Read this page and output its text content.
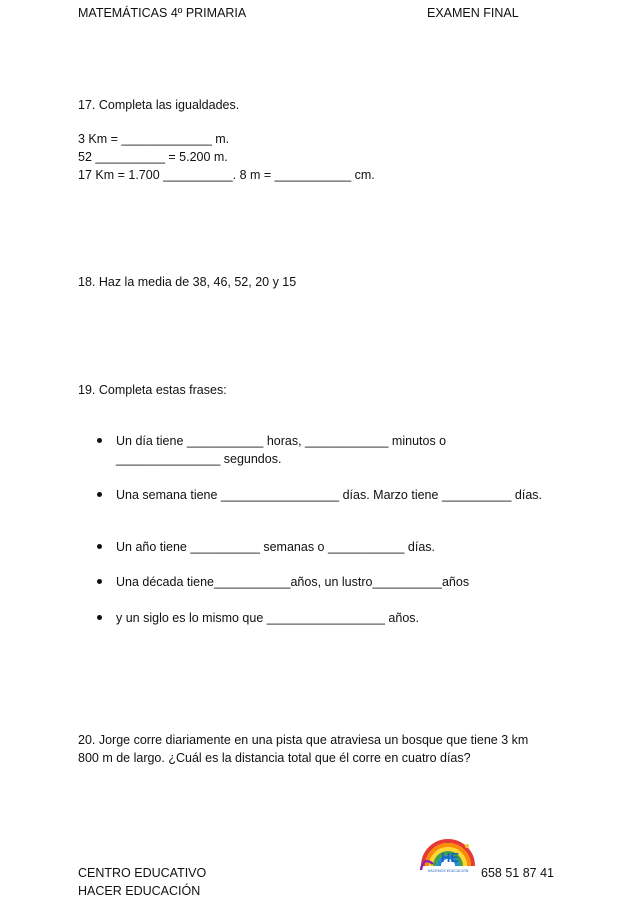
MATEMÁTICAS 4º PRIMARIA	EXAMEN FINAL
17. Completa las igualdades.
3 Km = _____________ m.
52 __________ = 5.200 m.
17 Km = 1.700 __________. 8 m = ___________ cm.
18. Haz la media de 38, 46, 52, 20 y 15
19. Completa estas frases:
Un día tiene ___________ horas, ____________ minutos o
_______________ segundos.
Una semana tiene _________________ días. Marzo tiene __________ días.
Un año tiene __________ semanas o ___________ días.
Una década tiene___________años, un lustro__________años
y un siglo es lo mismo que _________________ años.
20. Jorge corre diariamente en una pista que atraviesa un bosque que tiene 3 km
800 m de largo. ¿Cuál es la distancia total que él corre en cuatro días?
CENTRO EDUCATIVO
HACER EDUCACIÓN
658 51 87 41
HE
HACEMOS EDUCACIÓN
